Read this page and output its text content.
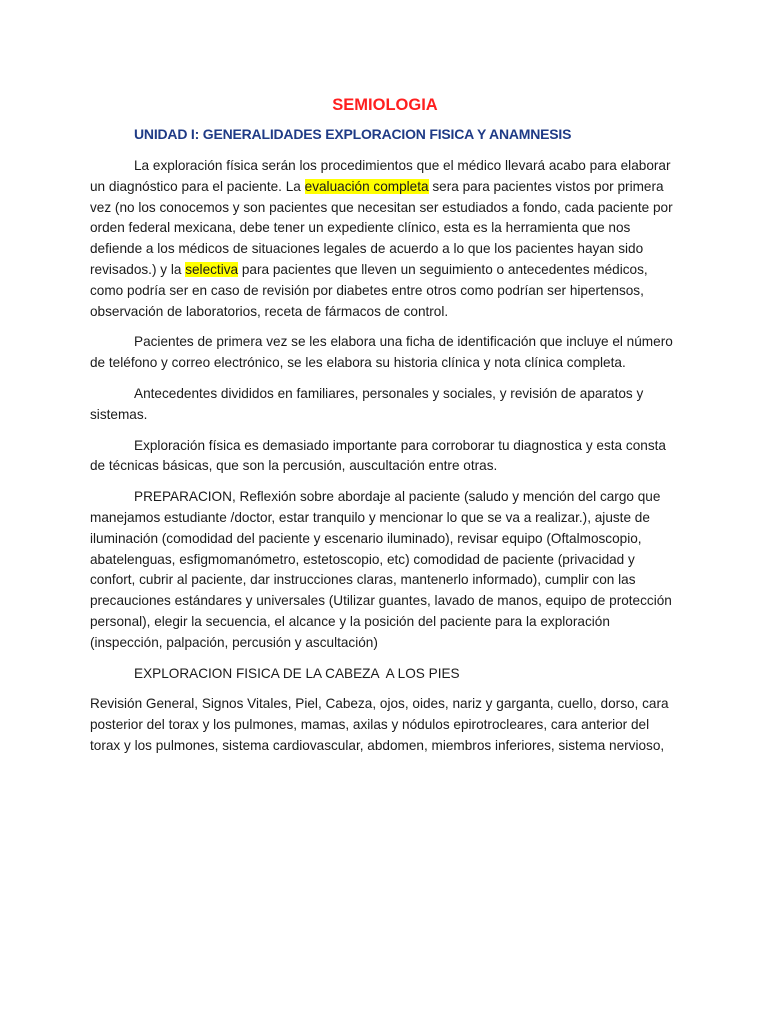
SEMIOLOGIA
UNIDAD I: GENERALIDADES EXPLORACION FISICA Y ANAMNESIS

La exploración física serán los procedimientos que el médico llevará acabo para elaborar un diagnóstico para el paciente. La evaluación completa sera para pacientes vistos por primera vez (no los conocemos y son pacientes que necesitan ser estudiados a fondo, cada paciente por orden federal mexicana, debe tener un expediente clínico, esta es la herramienta que nos defiende a los médicos de situaciones legales de acuerdo a lo que los pacientes hayan sido revisados.) y la selectiva para pacientes que lleven un seguimiento o antecedentes médicos, como podría ser en caso de revisión por diabetes entre otros como podrían ser hipertensos, observación de laboratorios, receta de fármacos de control.

Pacientes de primera vez se les elabora una ficha de identificación que incluye el número de teléfono y correo electrónico, se les elabora su historia clínica y nota clínica completa.

Antecedentes divididos en familiares, personales y sociales, y revisión de aparatos y sistemas.

Exploración física es demasiado importante para corroborar tu diagnostica y esta consta de técnicas básicas, que son la percusión, auscultación entre otras.

PREPARACION, Reflexión sobre abordaje al paciente (saludo y mención del cargo que manejamos estudiante /doctor, estar tranquilo y mencionar lo que se va a realizar.), ajuste de iluminación (comodidad del paciente y escenario iluminado), revisar equipo (Oftalmoscopio, abatelenguas, esfigmomanómetro, estetoscopio, etc) comodidad de paciente (privacidad y confort, cubrir al paciente, dar instrucciones claras, mantenerlo informado), cumplir con las precauciones estándares y universales (Utilizar guantes, lavado de manos, equipo de protección personal), elegir la secuencia, el alcance y la posición del paciente para la exploración (inspección, palpación, percusión y ascultación)

EXPLORACION FISICA DE LA CABEZA  A LOS PIES

Revisión General, Signos Vitales, Piel, Cabeza, ojos, oides, nariz y garganta, cuello, dorso, cara posterior del torax y los pulmones, mamas, axilas y nódulos epirotrocleares, cara anterior del torax y los pulmones, sistema cardiovascular, abdomen, miembros inferiores, sistema nervioso,
